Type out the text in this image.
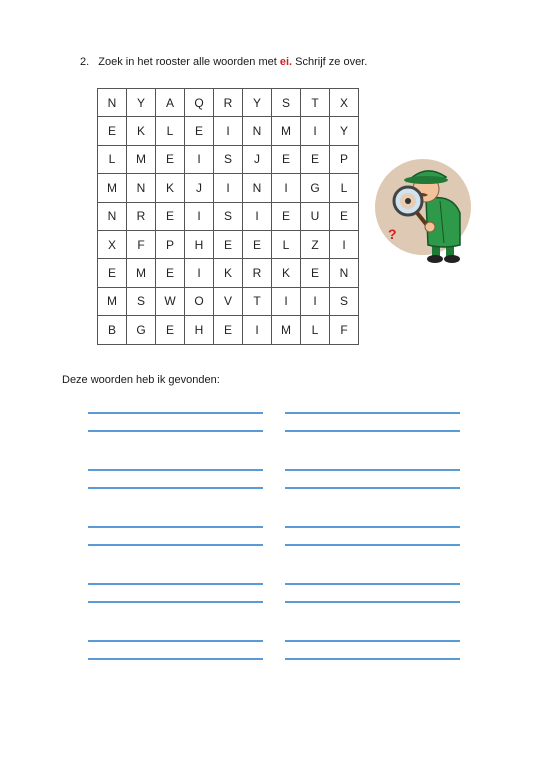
2. Zoek in het rooster alle woorden met ei. Schrijf ze over.
N	Y	A	Q	R	Y	S	T	X
E	K	L	E	I	N	M	I	Y
L	M	E	I	S	J	E	E	P
M	N	K	J	I	N	I	G	L
N	R	E	I	S	I	E	U	E
X	F	P	H	E	E	L	Z	I
E	M	E	I	K	R	K	E	N
M	S	W	O	V	T	I	I	S
B	G	E	H	E	I	M	L	F
?
Deze woorden heb ik gevonden:
